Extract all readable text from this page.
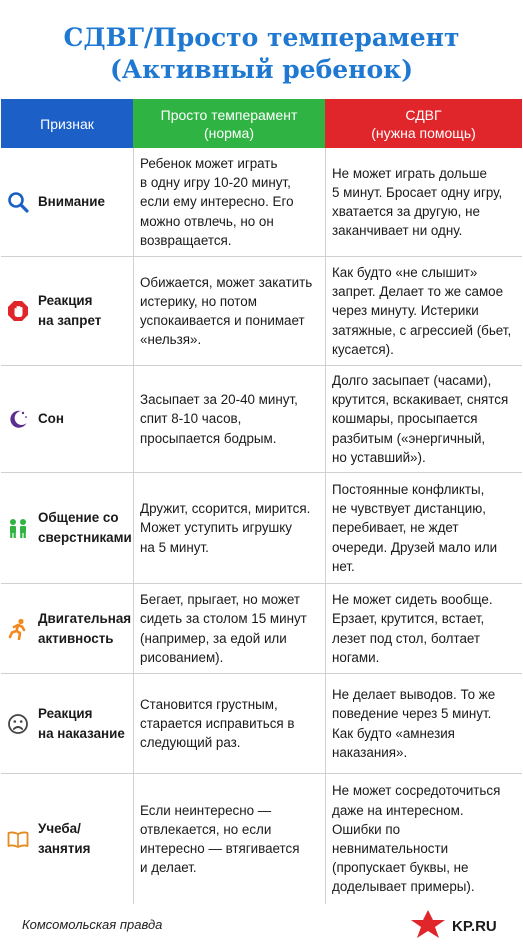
СДВГ/Просто темперамент
(Активный ребенок)
Признак
Просто темперамент
(норма)
СДВГ
(нужна помощь)
Внимание
Ребенок может играть
в одну игру 10-20 минут,
если ему интересно. Его
можно отвлечь, но он
возвращается.
Не может играть дольше
5 минут. Бросает одну игру,
хватается за другую, не
заканчивает ни одну.
Реакция
на запрет
Обижается, может закатить
истерику, но потом
успокаивается и понимает
«нельзя».
Как будто «не слышит»
запрет. Делает то же самое
через минуту. Истерики
затяжные, с агрессией (бьет,
кусается).
Сон
Засыпает за 20-40 минут,
спит 8-10 часов,
просыпается бодрым.
Долго засыпает (часами),
крутится, вскакивает, снятся
кошмары, просыпается
разбитым («энергичный,
но уставший»).
Общение со
сверстниками
Дружит, ссорится, мирится.
Может уступить игрушку
на 5 минут.
Постоянные конфликты,
не чувствует дистанцию,
перебивает, не ждет
очереди. Друзей мало или
нет.
Двигательная
активность
Бегает, прыгает, но может
сидеть за столом 15 минут
(например, за едой или
рисованием).
Не может сидеть вообще.
Ерзает, крутится, встает,
лезет под стол, болтает
ногами.
Реакция
на наказание
Становится грустным,
старается исправиться в
следующий раз.
Не делает выводов. То же
поведение через 5 минут.
Как будто «амнезия
наказания».
Учеба/
занятия
Если неинтересно —
отвлекается, но если
интересно — втягивается
и делает.
Не может сосредоточиться
даже на интересном.
Ошибки по
невнимательности
(пропускает буквы, не
доделывает примеры).
Комсомольская правда	KP.RU
